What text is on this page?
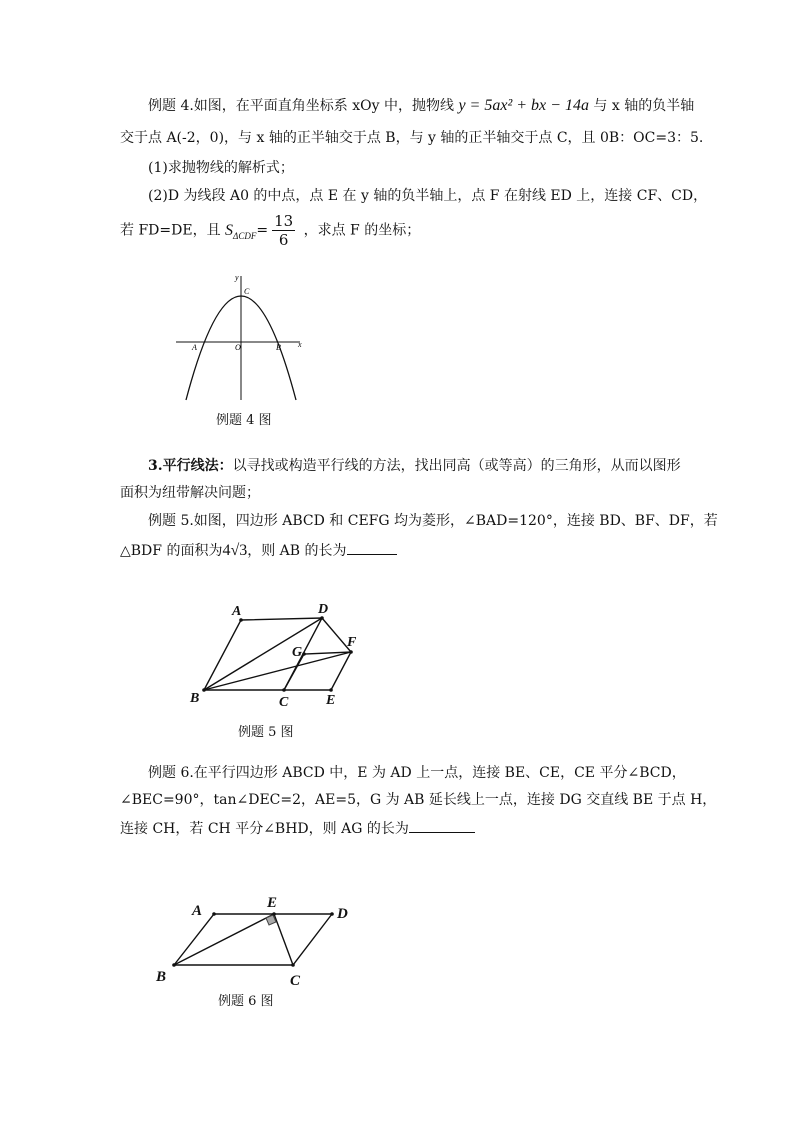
例题 4.如图，在平面直角坐标系 xOy 中，抛物线 y = 5ax² + bx − 14a 与 x 轴的负半轴
交于点 A(-2，0)，与 x 轴的正半轴交于点 B，与 y 轴的正半轴交于点 C，且 0B：OC=3：5.
(1)求抛物线的解析式；
(2)D 为线段 A0 的中点，点 E 在 y 轴的负半轴上，点 F 在射线 ED 上，连接 CF、CD，
若 FD=DE，且 $S_{\Delta CDF}= \frac{13}{6}$ ，求点 F 的坐标；
y
x
A	O	B
C
例题 4 图
3.平行线法：以寻找或构造平行线的方法，找出同高（或等高）的三角形，从而以图形
面积为纽带解决问题；
例题 5.如图，四边形 ABCD 和 CEFG 均为菱形，∠BAD=120°，连接 BD、BF、DF，若
△BDF 的面积为4√3，则 AB 的长为
A	D
G
F
B	C	E
例题 5 图
例题 6.在平行四边形 ABCD 中，E 为 AD 上一点，连接 BE、CE，CE 平分∠BCD，
∠BEC=90°，tan∠DEC=2，AE=5，G 为 AB 延长线上一点，连接 DG 交直线 BE 于点 H，
连接 CH，若 CH 平分∠BHD，则 AG 的长为
A	E
D
B	C
例题 6 图
